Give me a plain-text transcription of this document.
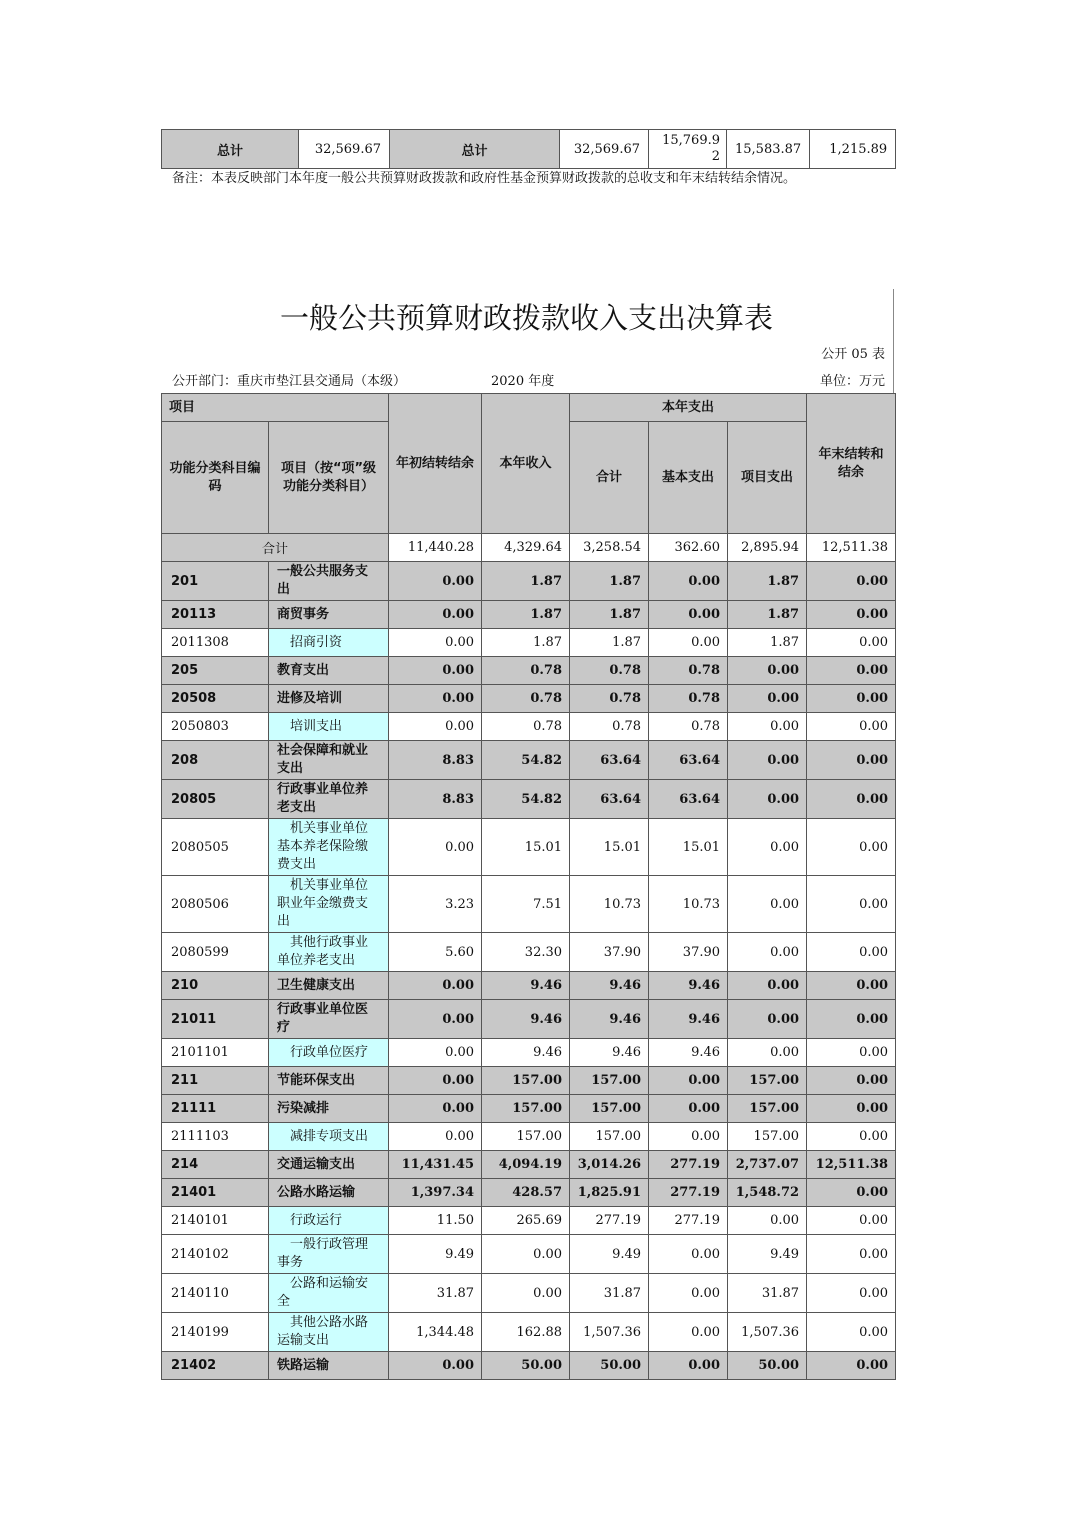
总计	32,569.67	总计	32,569.67	15,769.92	15,583.87	1,215.89
备注：本表反映部门本年度一般公共预算财政拨款和政府性基金预算财政拨款的总收支和年末结转结余情况。
一般公共预算财政拨款收入支出决算表
公开 05 表
公开部门：重庆市垫江县交通局（本级）	2020 年度	单位：万元
项目		年初结转结余	本年收入	本年支出			年末结转和结余
功能分类科目编码	项目（按“项”级功能分类科目）			合计	基本支出	项目支出	
合计		11,440.28	4,329.64	3,258.54	362.60	2,895.94	12,511.38
201	一般公共服务支出	0.00	1.87	1.87	0.00	1.87	0.00
20113	商贸事务	0.00	1.87	1.87	0.00	1.87	0.00
2011308	招商引资	0.00	1.87	1.87	0.00	1.87	0.00
205	教育支出	0.00	0.78	0.78	0.78	0.00	0.00
20508	进修及培训	0.00	0.78	0.78	0.78	0.00	0.00
2050803	培训支出	0.00	0.78	0.78	0.78	0.00	0.00
208	社会保障和就业支出	8.83	54.82	63.64	63.64	0.00	0.00
20805	行政事业单位养老支出	8.83	54.82	63.64	63.64	0.00	0.00
2080505	机关事业单位基本养老保险缴费支出	0.00	15.01	15.01	15.01	0.00	0.00
2080506	机关事业单位职业年金缴费支出	3.23	7.51	10.73	10.73	0.00	0.00
2080599	其他行政事业单位养老支出	5.60	32.30	37.90	37.90	0.00	0.00
210	卫生健康支出	0.00	9.46	9.46	9.46	0.00	0.00
21011	行政事业单位医疗	0.00	9.46	9.46	9.46	0.00	0.00
2101101	行政单位医疗	0.00	9.46	9.46	9.46	0.00	0.00
211	节能环保支出	0.00	157.00	157.00	0.00	157.00	0.00
21111	污染减排	0.00	157.00	157.00	0.00	157.00	0.00
2111103	减排专项支出	0.00	157.00	157.00	0.00	157.00	0.00
214	交通运输支出	11,431.45	4,094.19	3,014.26	277.19	2,737.07	12,511.38
21401	公路水路运输	1,397.34	428.57	1,825.91	277.19	1,548.72	0.00
2140101	行政运行	11.50	265.69	277.19	277.19	0.00	0.00
2140102	一般行政管理事务	9.49	0.00	9.49	0.00	9.49	0.00
2140110	公路和运输安全	31.87	0.00	31.87	0.00	31.87	0.00
2140199	其他公路水路运输支出	1,344.48	162.88	1,507.36	0.00	1,507.36	0.00
21402	铁路运输	0.00	50.00	50.00	0.00	50.00	0.00
